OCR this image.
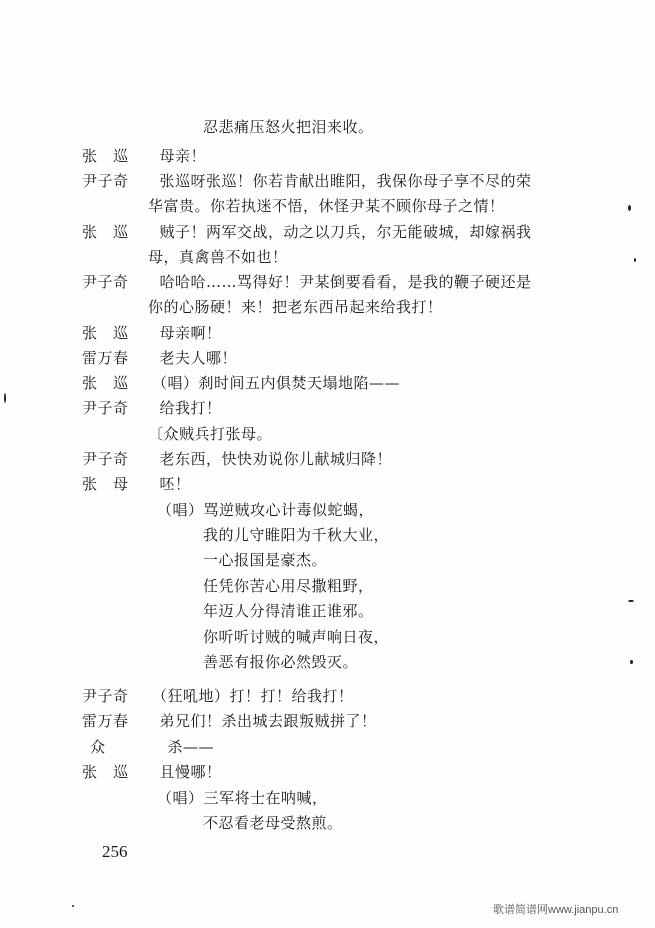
忍悲痛压怒火把泪来收。
张　巡　　母亲！
尹子奇　　张巡呀张巡！你若肯献出睢阳，我保你母子享不尽的荣
华富贵。你若执迷不悟，休怪尹某不顾你母子之情！
张　巡　　贼子！两军交战，动之以刀兵，尔无能破城，却嫁祸我
母，真禽兽不如也！
尹子奇　　哈哈哈……骂得好！尹某倒要看看，是我的鞭子硬还是
你的心肠硬！来！把老东西吊起来给我打！
张　巡　　母亲啊！
雷万春　　老夫人哪！
张　巡　　（唱）刹时间五内俱焚天塌地陷——
尹子奇　　给我打！
〔众贼兵打张母。
尹子奇　　老东西，快快劝说你儿献城归降！
张　母　　呸！
（唱）骂逆贼攻心计毒似蛇蝎，
我的儿守睢阳为千秋大业，
一心报国是豪杰。
任凭你苦心用尽撒粗野，
年迈人分得清谁正谁邪。
你听听讨贼的喊声响日夜，
善恶有报你必然毁灭。
尹子奇　　（狂吼地）打！打！给我打！
雷万春　　弟兄们！杀出城去跟叛贼拼了！
众　　　　杀——
张　巡　　且慢哪！
（唱）三军将士在呐喊，
不忍看老母受熬煎。
256
歌谱简谱网www.jianpu.cn
